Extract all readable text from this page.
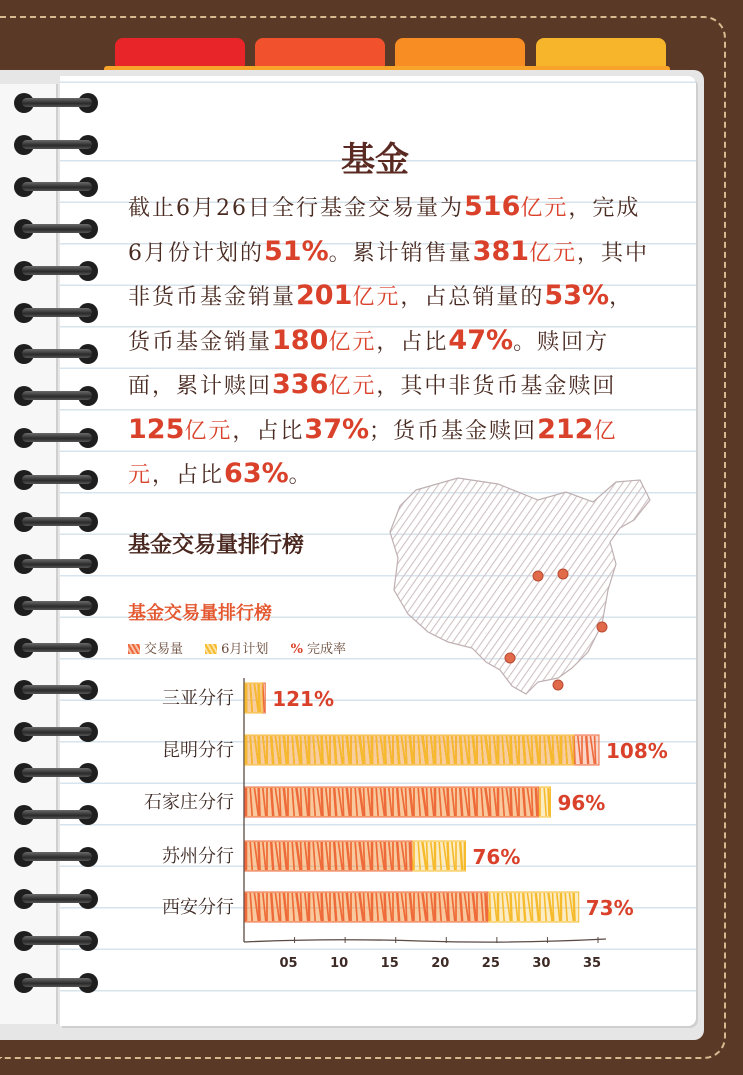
基金
截止6月26日全行基金交易量为516亿元，完成6月份计划的51%。累计销售量381亿元，其中非货币基金销量201亿元，占总销量的53%，货币基金销量180亿元，占比47%。赎回方面，累计赎回336亿元，其中非货币基金赎回125亿元，占比37%；货币基金赎回212亿元，占比63%。
基金交易量排行榜
基金交易量排行榜
交易量	6月计划 % 完成率
三亚分行 121%
昆明分行	108%
石家庄分行	96%
苏州分行	76%
西安分行	73%
05 10 15 20 25 30 35
